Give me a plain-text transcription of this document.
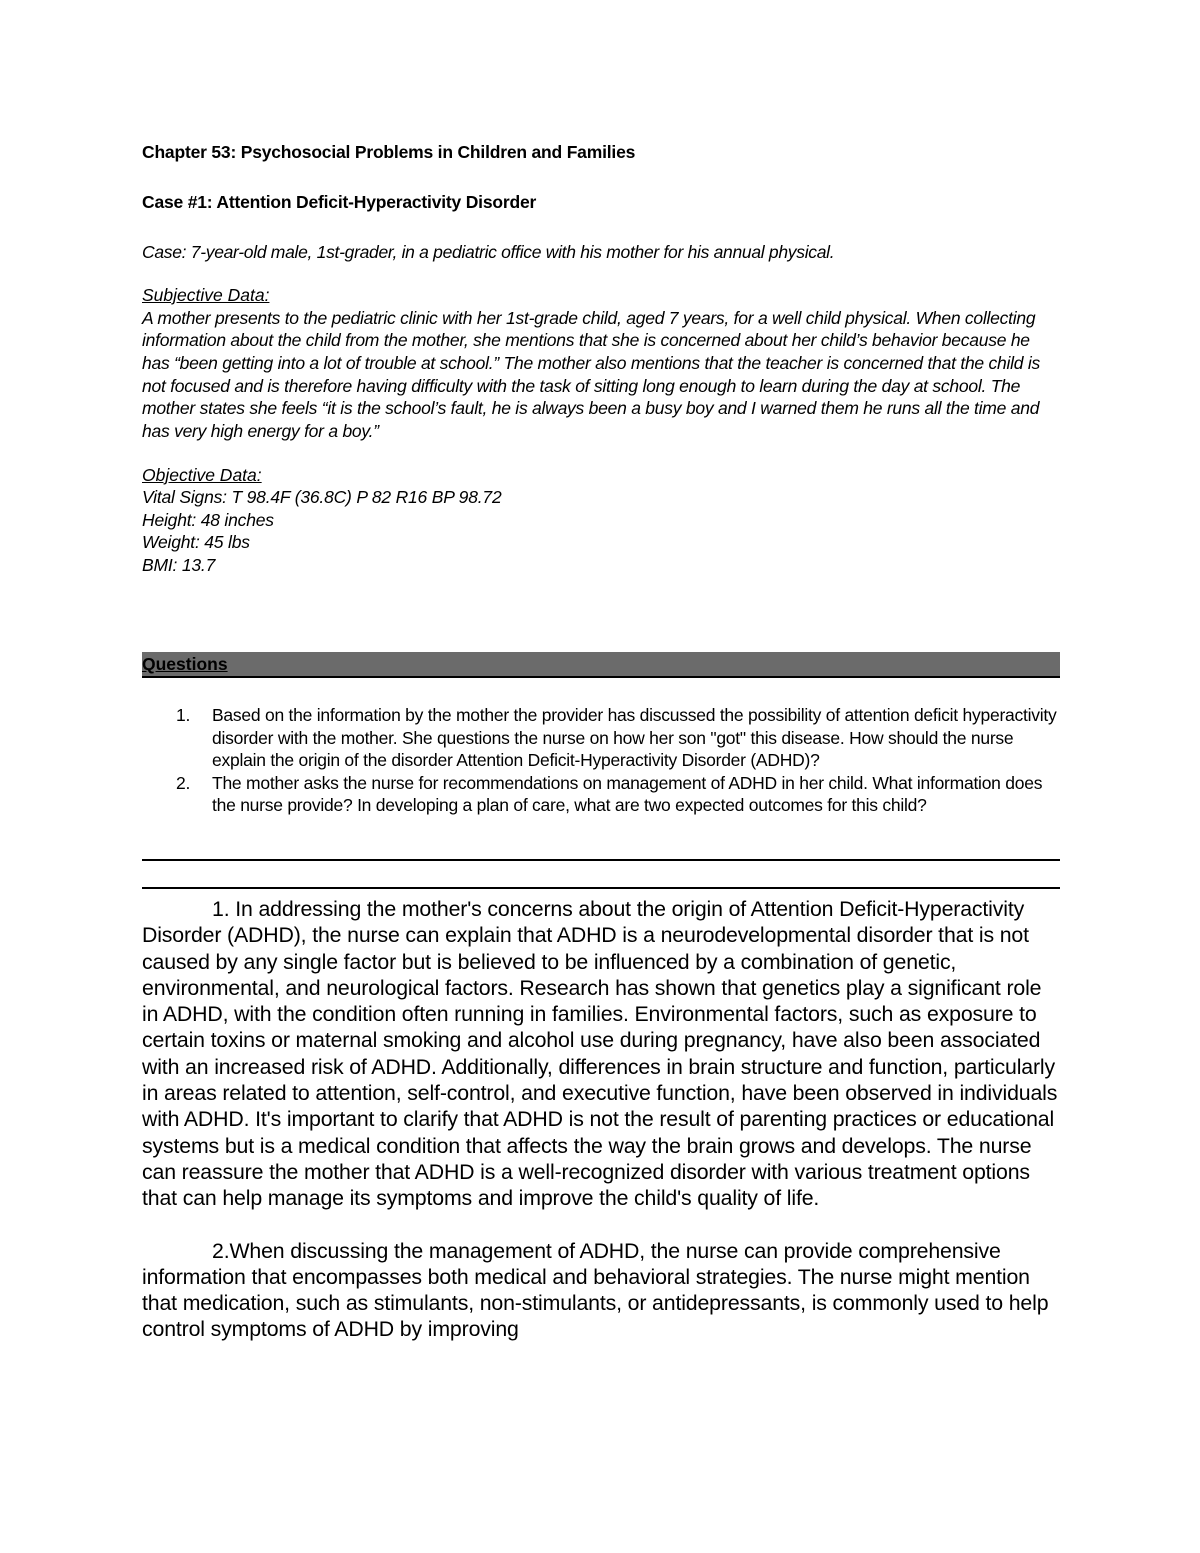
Chapter 53: Psychosocial Problems in Children and Families

Case #1: Attention Deficit-Hyperactivity Disorder

Case: 7-year-old male, 1st-grader, in a pediatric office with his mother for his annual physical.

Subjective Data:

A mother presents to the pediatric clinic with her 1st-grade child, aged 7 years, for a well child physical. When collecting information about the child from the mother, she mentions that she is concerned about her child’s behavior because he has “been getting into a lot of trouble at school.” The mother also mentions that the teacher is concerned that the child is not focused and is therefore having difficulty with the task of sitting long enough to learn during the day at school. The mother states she feels “it is the school’s fault, he is always been a busy boy and I warned them he runs all the time and has very high energy for a boy.”

Objective Data:
Vital Signs: T 98.4F (36.8C) P 82 R16 BP 98.72
Height: 48 inches
Weight: 45 lbs
BMI: 13.7
Questions
1. Based on the information by the mother the provider has discussed the possibility of attention deficit hyperactivity disorder with the mother. She questions the nurse on how her son "got" this disease. How should the nurse explain the origin of the disorder Attention Deficit-Hyperactivity Disorder (ADHD)?
2. The mother asks the nurse for recommendations on management of ADHD in her child. What information does the nurse provide? In developing a plan of care, what are two expected outcomes for this child?

1. In addressing the mother's concerns about the origin of Attention Deficit-Hyperactivity Disorder (ADHD), the nurse can explain that ADHD is a neurodevelopmental disorder that is not caused by any single factor but is believed to be influenced by a combination of genetic, environmental, and neurological factors. Research has shown that genetics play a significant role in ADHD, with the condition often running in families. Environmental factors, such as exposure to certain toxins or maternal smoking and alcohol use during pregnancy, have also been associated with an increased risk of ADHD. Additionally, differences in brain structure and function, particularly in areas related to attention, self-control, and executive function, have been observed in individuals with ADHD. It's important to clarify that ADHD is not the result of parenting practices or educational systems but is a medical condition that affects the way the brain grows and develops. The nurse can reassure the mother that ADHD is a well-recognized disorder with various treatment options that can help manage its symptoms and improve the child's quality of life.

2.When discussing the management of ADHD, the nurse can provide comprehensive information that encompasses both medical and behavioral strategies. The nurse might mention that medication, such as stimulants, non-stimulants, or antidepressants, is commonly used to help control symptoms of ADHD by improving
